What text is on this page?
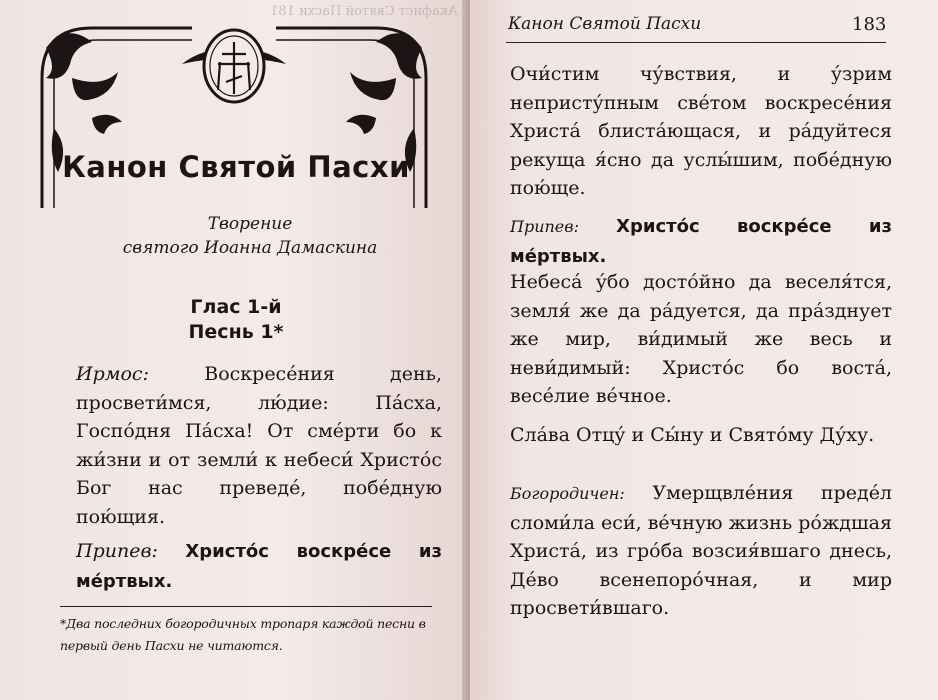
Акафист Святой Пасхи 181
Канон Святой Пасхи
Творение
святого Иоанна Дамаскина
Глас 1-й
Песнь 1*

Ирмос:	Воскресе́ния день, просвети́мся, лю́дие: Па́сха, Госпо́дня Па́сха! От сме́рти бо к жи́зни и от земли́ к небеси́ Христо́с Бог нас преведе́, побе́дную пою́щия.

Припев: Христо́с воскре́се из ме́ртвых.

*Два последних богородичных тропаря каждой песни в первый день Пасхи не читаются.
Канон Святой Пасхи	183

Очи́стим чу́вствия, и у́зрим непристу́пным све́том воскресе́ния Христа́ блиста́ющася, и ра́дуйтеся рекуща я́сно да услы́шим, побе́дную пою́ще.

Припев: Христо́с воскре́се из ме́ртвых.

Небеса́ у́бо досто́йно да веселя́тся, земля́ же да ра́дуется, да пра́зднует же мир, ви́димый же весь и неви́димый: Христо́с бо воста́, весе́лие ве́чное.

Сла́ва Отцу́ и Сы́ну и Свято́му Ду́ху.

Богородичен: Умерщвле́ния преде́л сломи́ла еси́, ве́чную жизнь ро́ждшая Христа́, из гро́ба возсия́вшаго днесь, Де́во всенепоро́чная, и мир просвети́вшаго.
